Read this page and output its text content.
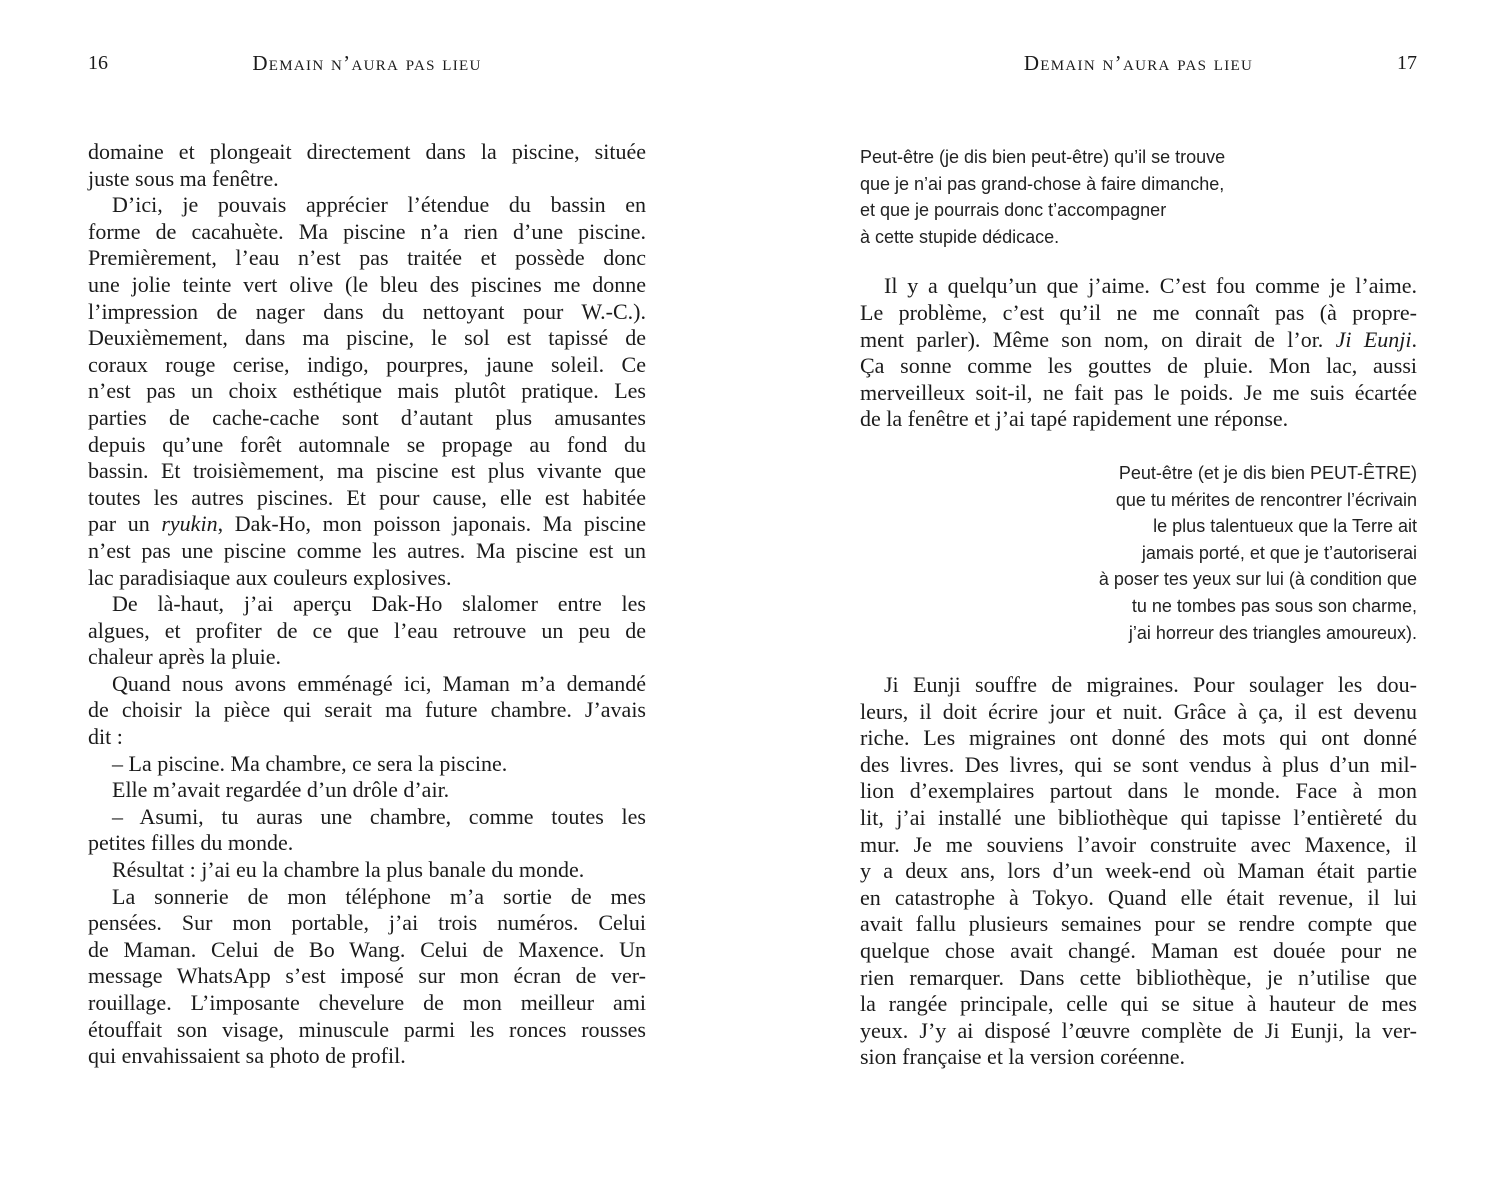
16	Demain n’aura pas lieu
domaine et plongeait directement dans la piscine, située
juste sous ma fenêtre.
D’ici, je pouvais apprécier l’étendue du bassin en
forme de cacahuète. Ma piscine n’a rien d’une piscine.
Premièrement, l’eau n’est pas traitée et possède donc
une jolie teinte vert olive (le bleu des piscines me donne
l’impression de nager dans du nettoyant pour W.-C.).
Deuxièmement, dans ma piscine, le sol est tapissé de
coraux rouge cerise, indigo, pourpres, jaune soleil. Ce
n’est pas un choix esthétique mais plutôt pratique. Les
parties de cache-cache sont d’autant plus amusantes
depuis qu’une forêt automnale se propage au fond du
bassin. Et troisièmement, ma piscine est plus vivante que
toutes les autres piscines. Et pour cause, elle est habitée
par un ryukin, Dak-Ho, mon poisson japonais. Ma piscine
n’est pas une piscine comme les autres. Ma piscine est un
lac paradisiaque aux couleurs explosives.
De là-haut, j’ai aperçu Dak-Ho slalomer entre les
algues, et profiter de ce que l’eau retrouve un peu de
chaleur après la pluie.
Quand nous avons emménagé ici, Maman m’a demandé
de choisir la pièce qui serait ma future chambre. J’avais
dit :
– La piscine. Ma chambre, ce sera la piscine.
Elle m’avait regardée d’un drôle d’air.
– Asumi, tu auras une chambre, comme toutes les
petites filles du monde.
Résultat : j’ai eu la chambre la plus banale du monde.
La sonnerie de mon téléphone m’a sortie de mes
pensées. Sur mon portable, j’ai trois numéros. Celui
de Maman. Celui de Bo Wang. Celui de Maxence. Un
message WhatsApp s’est imposé sur mon écran de ver-
rouillage. L’imposante chevelure de mon meilleur ami
étouffait son visage, minuscule parmi les ronces rousses
qui envahissaient sa photo de profil.
Demain n’aura pas lieu	17
Peut-être (je dis bien peut-être) qu’il se trouve
que je n’ai pas grand-chose à faire dimanche,
et que je pourrais donc t’accompagner
à cette stupide dédicace.
Il y a quelqu’un que j’aime. C’est fou comme je l’aime.
Le problème, c’est qu’il ne me connaît pas (à propre-
ment parler). Même son nom, on dirait de l’or. Ji Eunji.
Ça sonne comme les gouttes de pluie. Mon lac, aussi
merveilleux soit-il, ne fait pas le poids. Je me suis écartée
de la fenêtre et j’ai tapé rapidement une réponse.
Peut-être (et je dis bien PEUT-ÊTRE)
que tu mérites de rencontrer l’écrivain
le plus talentueux que la Terre ait
jamais porté, et que je t’autoriserai
à poser tes yeux sur lui (à condition que
tu ne tombes pas sous son charme,
j’ai horreur des triangles amoureux).
Ji Eunji souffre de migraines. Pour soulager les dou-
leurs, il doit écrire jour et nuit. Grâce à ça, il est devenu
riche. Les migraines ont donné des mots qui ont donné
des livres. Des livres, qui se sont vendus à plus d’un mil-
lion d’exemplaires partout dans le monde. Face à mon
lit, j’ai installé une bibliothèque qui tapisse l’entièreté du
mur. Je me souviens l’avoir construite avec Maxence, il
y a deux ans, lors d’un week-end où Maman était partie
en catastrophe à Tokyo. Quand elle était revenue, il lui
avait fallu plusieurs semaines pour se rendre compte que
quelque chose avait changé. Maman est douée pour ne
rien remarquer. Dans cette bibliothèque, je n’utilise que
la rangée principale, celle qui se situe à hauteur de mes
yeux. J’y ai disposé l’œuvre complète de Ji Eunji, la ver-
sion française et la version coréenne.
